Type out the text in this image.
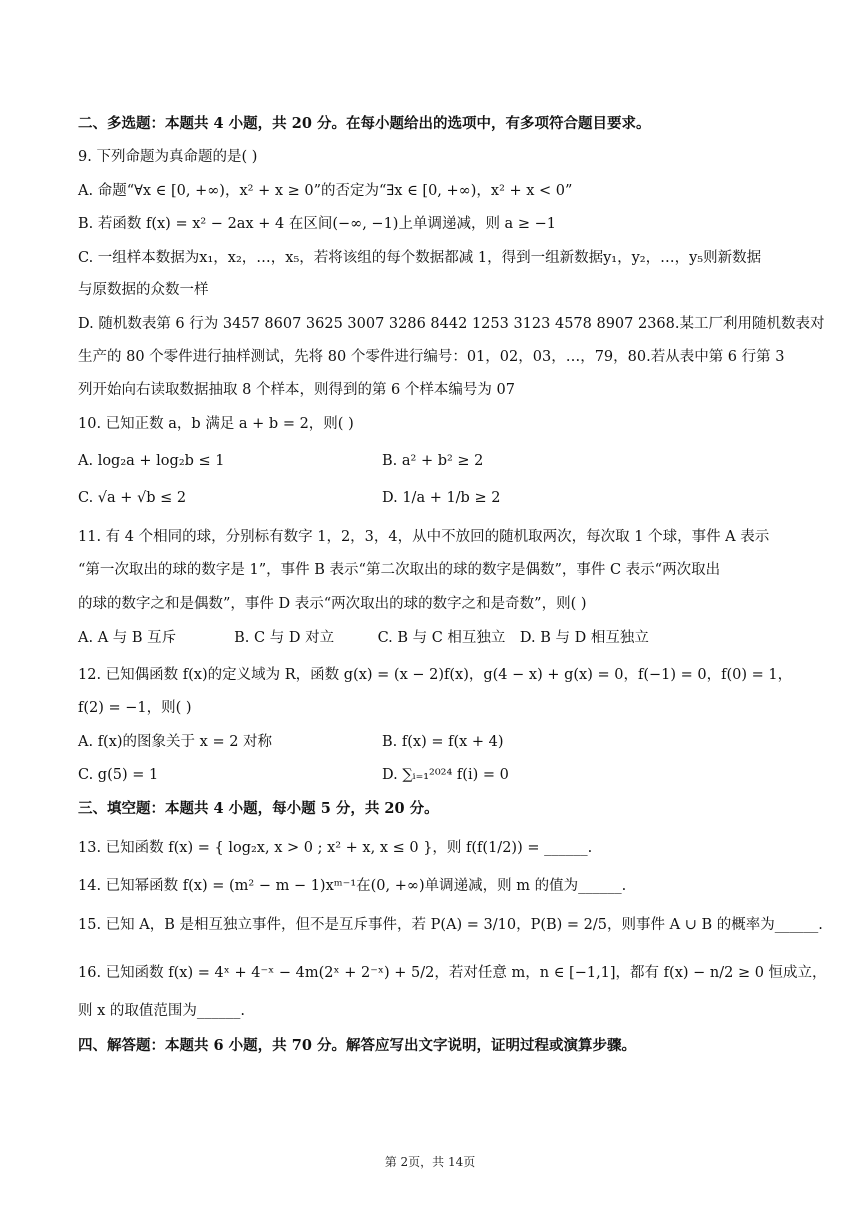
二、多选题：本题共 4 小题，共 20 分。在每小题给出的选项中，有多项符合题目要求。
9. 下列命题为真命题的是( )
A. 命题“∀x ∈ [0, +∞)，x² + x ≥ 0”的否定为“∃x ∈ [0, +∞)，x² + x < 0”
B. 若函数 f(x) = x² − 2ax + 4 在区间(−∞, −1)上单调递减，则 a ≥ −1
C. 一组样本数据为x₁，x₂，…，x₅，若将该组的每个数据都减 1，得到一组新数据y₁，y₂，…，y₅则新数据
与原数据的众数一样
D. 随机数表第 6 行为 3457 8607 3625 3007 3286 8442 1253 3123 4578 8907 2368.某工厂利用随机数表对
生产的 80 个零件进行抽样测试，先将 80 个零件进行编号：01，02，03，…，79，80.若从表中第 6 行第 3
列开始向右读取数据抽取 8 个样本，则得到的第 6 个样本编号为 07
10. 已知正数 a，b 满足 a + b = 2，则( )
A. log₂a + log₂b ≤ 1	B. a² + b² ≥ 2
C. √a + √b ≤ 2	D. 1/a + 1/b ≥ 2
11. 有 4 个相同的球，分别标有数字 1，2，3，4，从中不放回的随机取两次，每次取 1 个球，事件 A 表示
“第一次取出的球的数字是 1”，事件 B 表示“第二次取出的球的数字是偶数”，事件 C 表示“两次取出
的球的数字之和是偶数”，事件 D 表示“两次取出的球的数字之和是奇数”，则( )
A. A 与 B 互斥　　　　B. C 与 D 对立　　　C. B 与 C 相互独立　D. B 与 D 相互独立
12. 已知偶函数 f(x)的定义域为 R，函数 g(x) = (x − 2)f(x)，g(4 − x) + g(x) = 0，f(−1) = 0，f(0) = 1，
f(2) = −1，则( )
A. f(x)的图象关于 x = 2 对称	B. f(x) = f(x + 4)
C. g(5) = 1	D. ∑ᵢ₌₁²⁰²⁴ f(i) = 0
三、填空题：本题共 4 小题，每小题 5 分，共 20 分。
13. 已知函数 f(x) = { log₂x, x > 0 ; x² + x, x ≤ 0 }，则 f(f(1/2)) = ______.
14. 已知幂函数 f(x) = (m² − m − 1)xᵐ⁻¹在(0, +∞)单调递减，则 m 的值为______.
15. 已知 A，B 是相互独立事件，但不是互斥事件，若 P(A) = 3/10，P(B) = 2/5，则事件 A ∪ B 的概率为______.
16. 已知函数 f(x) = 4ˣ + 4⁻ˣ − 4m(2ˣ + 2⁻ˣ) + 5/2，若对任意 m，n ∈ [−1,1]，都有 f(x) − n/2 ≥ 0 恒成立，
则 x 的取值范围为______.
四、解答题：本题共 6 小题，共 70 分。解答应写出文字说明，证明过程或演算步骤。
第 2页，共 14页
